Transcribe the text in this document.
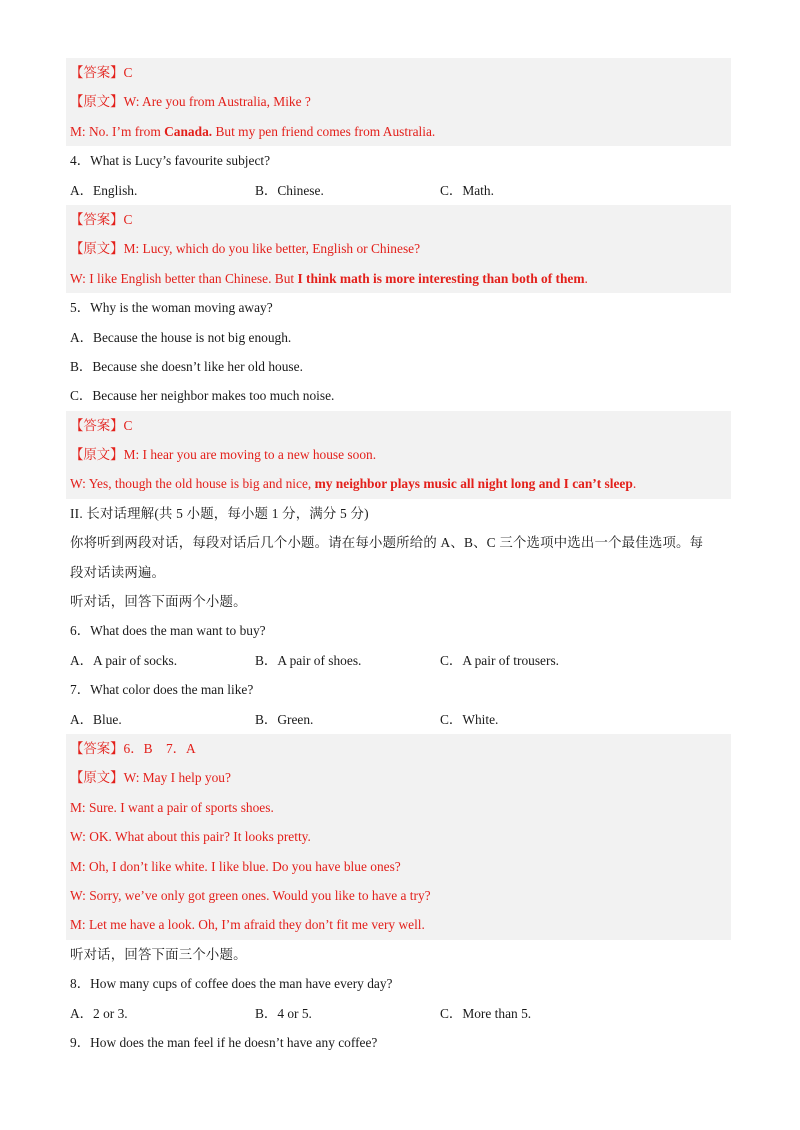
【答案】C
【原文】W: Are you from Australia, Mike ?
M: No. I’m from Canada. But my pen friend comes from Australia.
4．What is Lucy’s favourite subject?
A．English.	B．Chinese.	C．Math.
【答案】C
【原文】M: Lucy, which do you like better, English or Chinese?
W: I like English better than Chinese. But I think math is more interesting than both of them.
5．Why is the woman moving away?
A．Because the house is not big enough.
B．Because she doesn’t like her old house.
C．Because her neighbor makes too much noise.
【答案】C
【原文】M: I hear you are moving to a new house soon.
W: Yes, though the old house is big and nice, my neighbor plays music all night long and I can’t sleep.
II. 长对话理解(共 5 小题，每小题 1 分，满分 5 分)
你将听到两段对话，每段对话后几个小题。请在每小题所给的 A、B、C 三个选项中选出一个最佳选项。每
段对话读两遍。
听对话，回答下面两个小题。
6．What does the man want to buy?
A．A pair of socks.	B．A pair of shoes.	C．A pair of trousers.
7．What color does the man like?
A．Blue.	B．Green.	C．White.
【答案】6．B　7．A
【原文】W: May I help you?
M: Sure. I want a pair of sports shoes.
W: OK. What about this pair? It looks pretty.
M: Oh, I don’t like white. I like blue. Do you have blue ones?
W: Sorry, we’ve only got green ones. Would you like to have a try?
M: Let me have a look. Oh, I’m afraid they don’t fit me very well.
听对话，回答下面三个小题。
8．How many cups of coffee does the man have every day?
A．2 or 3.	B．4 or 5.	C．More than 5.
9．How does the man feel if he doesn’t have any coffee?
